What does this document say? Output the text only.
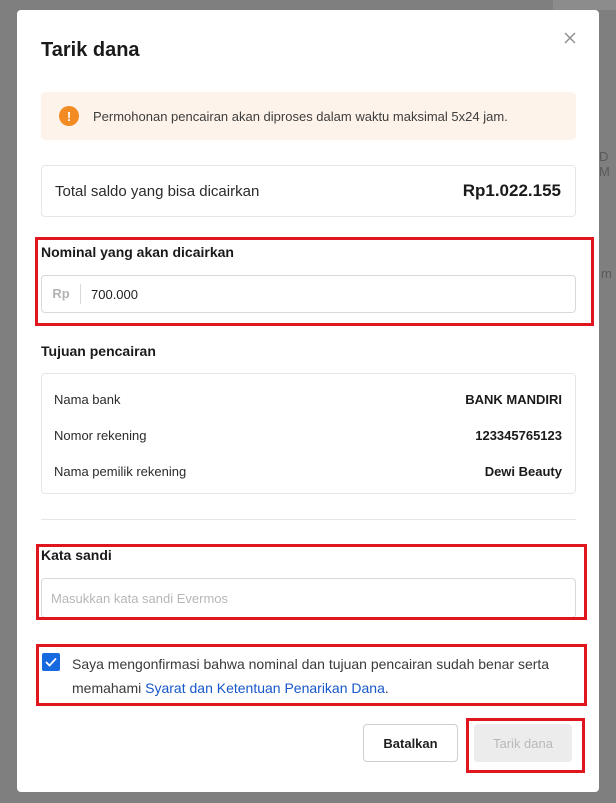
D M
m
Tarik dana
!	Permohonan pencairan akan diproses dalam waktu maksimal 5x24 jam.
Total saldo yang bisa dicairkan	Rp1.022.155
Nominal yang akan dicairkan
Rp	700.000
Tujuan pencairan
Nama bank	BANK MANDIRI
Nomor rekening	123345765123
Nama pemilik rekening	Dewi Beauty
Kata sandi
Masukkan kata sandi Evermos
Saya mengonfirmasi bahwa nominal dan tujuan pencairan sudah benar serta memahami Syarat dan Ketentuan Penarikan Dana.
Batalkan	Tarik dana
